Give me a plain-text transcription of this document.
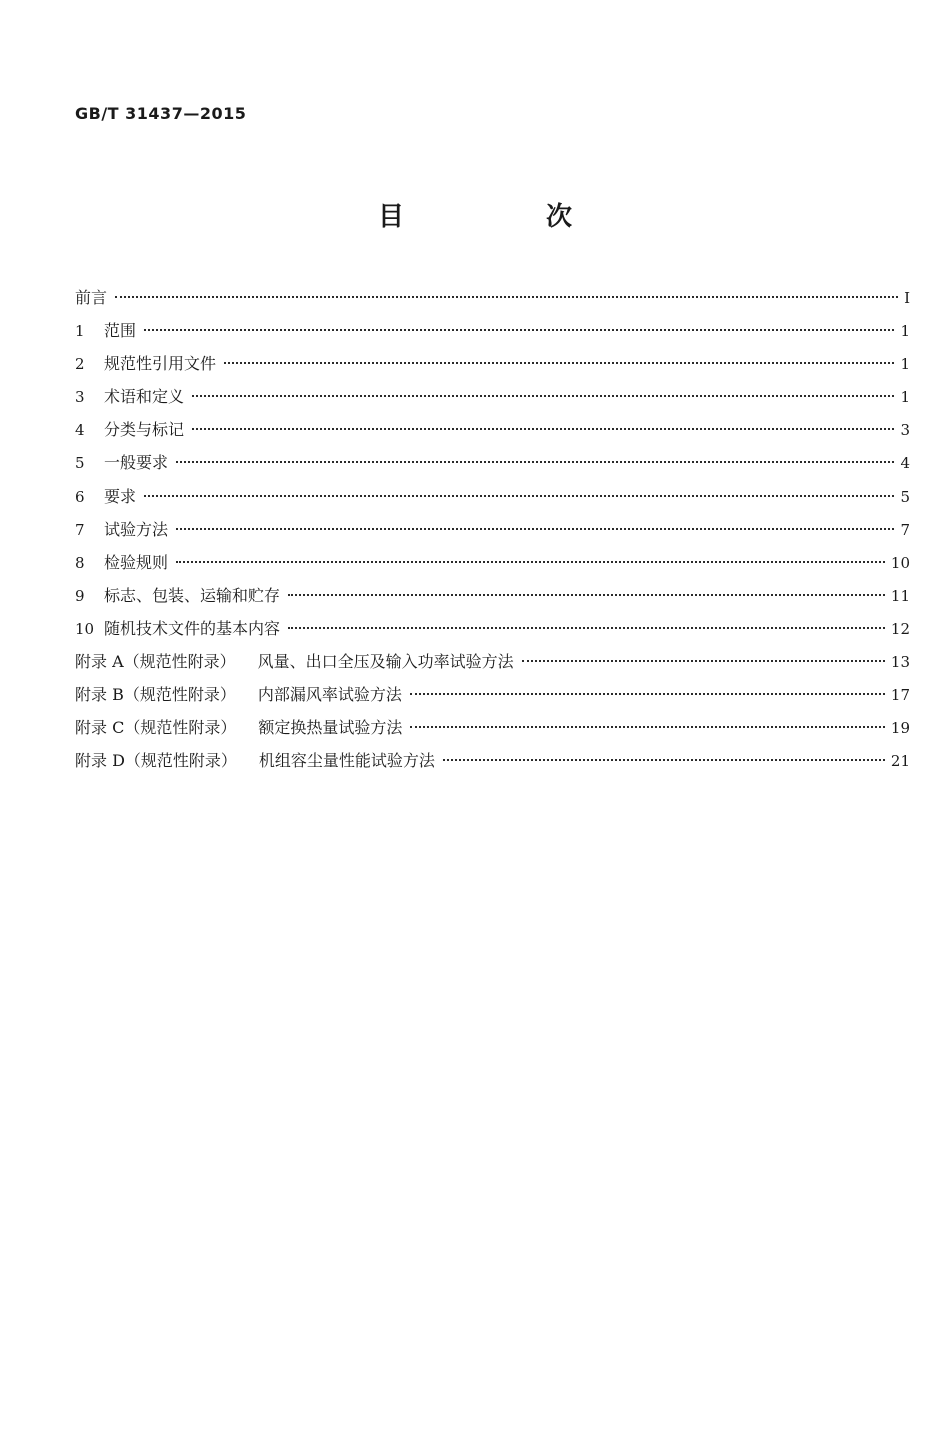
GB/T 31437—2015
目　次
前言	Ⅰ
1	范围	1
2	规范性引用文件	1
3	术语和定义	1
4	分类与标记	3
5	一般要求	4
6	要求	5
7	试验方法	7
8	检验规则	10
9	标志、包装、运输和贮存	11
10 随机技术文件的基本内容	12
附录 A（规范性附录） 风量、出口全压及输入功率试验方法	13
附录 B（规范性附录） 内部漏风率试验方法	17
附录 C（规范性附录） 额定换热量试验方法	19
附录 D（规范性附录） 机组容尘量性能试验方法	21
